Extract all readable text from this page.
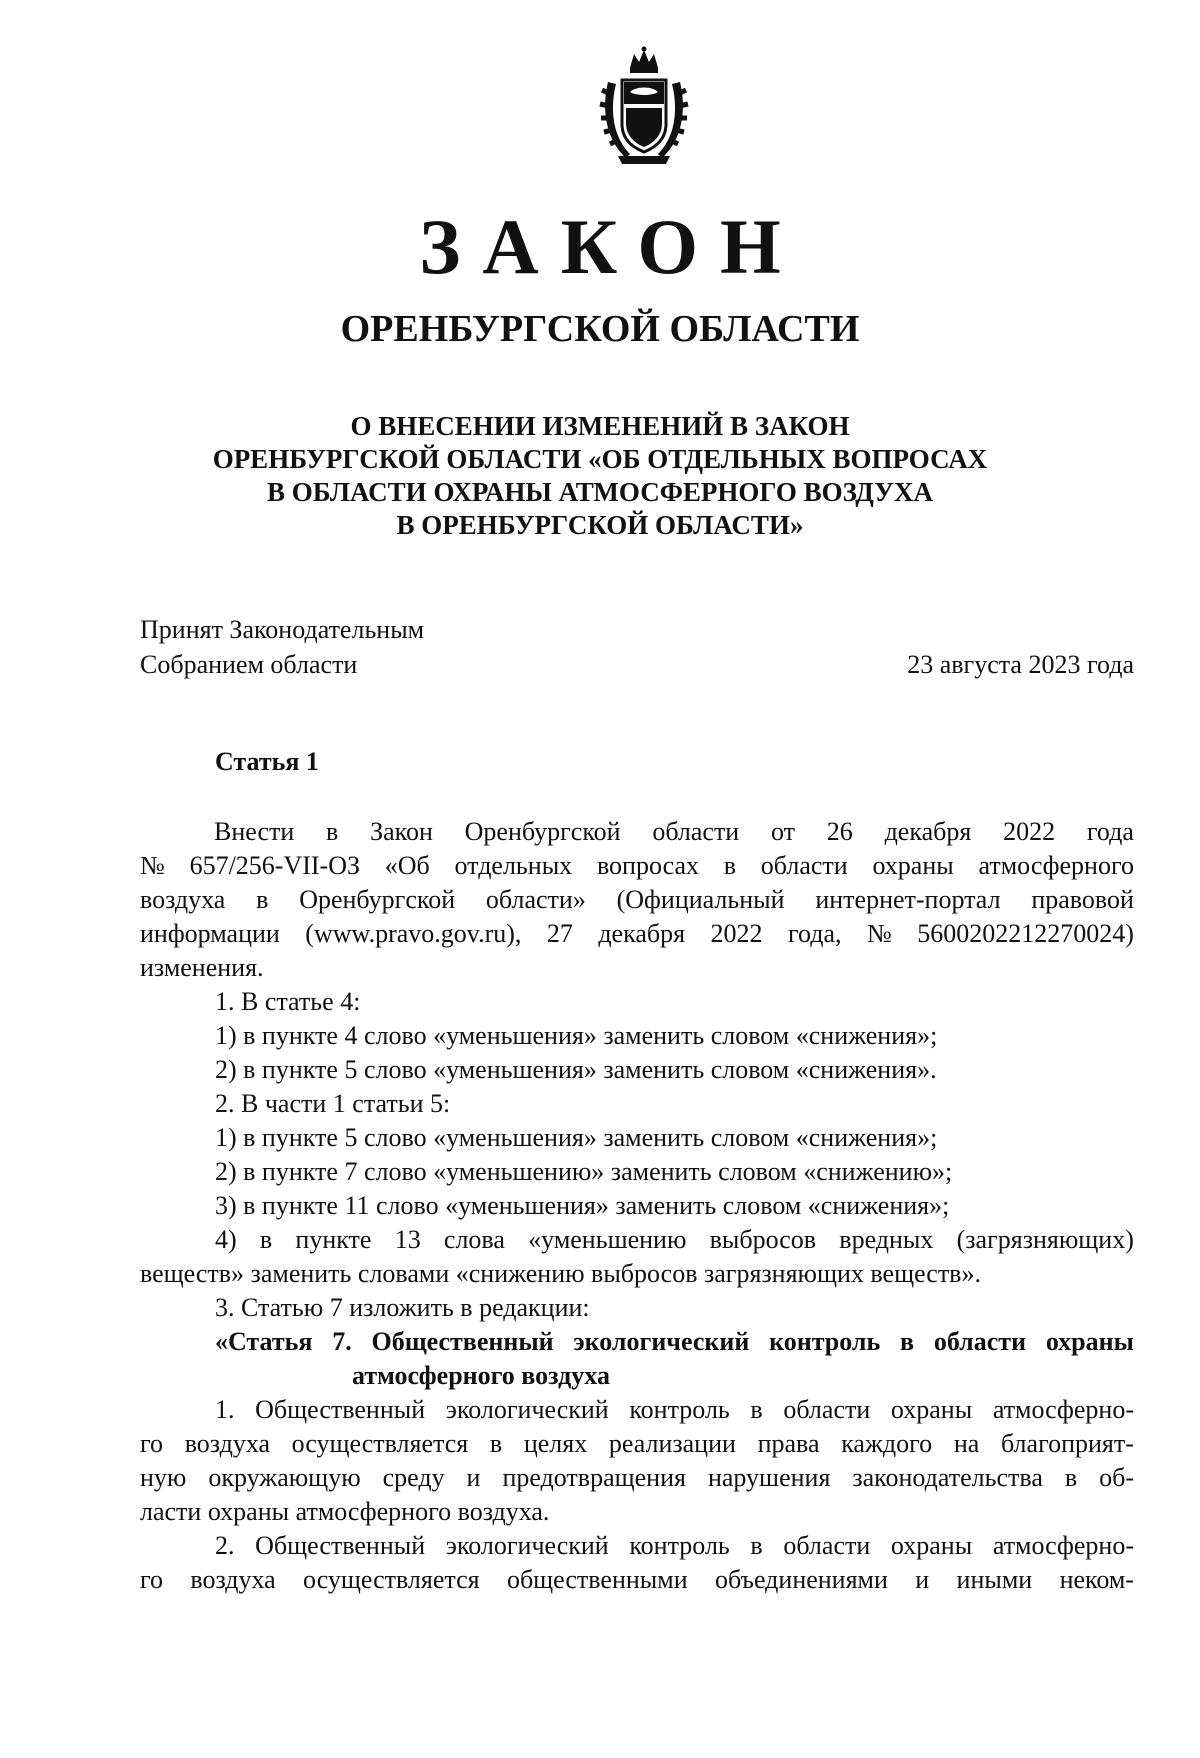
ЗАКОН
ОРЕНБУРГСКОЙ ОБЛАСТИ
О ВНЕСЕНИИ ИЗМЕНЕНИЙ В ЗАКОН
ОРЕНБУРГСКОЙ ОБЛАСТИ «ОБ ОТДЕЛЬНЫХ ВОПРОСАХ
В ОБЛАСТИ ОХРАНЫ АТМОСФЕРНОГО ВОЗДУХА
В ОРЕНБУРГСКОЙ ОБЛАСТИ»
Принят Законодательным
Собранием области	23 августа 2023 года
Статья 1
Внести в Закон Оренбургской области от 26 декабря 2022 года
№ 657/256-VII-ОЗ «Об отдельных вопросах в области охраны атмосферного
воздуха в Оренбургской области» (Официальный интернет-портал правовой
информации (www.pravo.gov.ru), 27 декабря 2022 года, № 5600202212270024)
изменения.
1. В статье 4:
1) в пункте 4 слово «уменьшения» заменить словом «снижения»;
2) в пункте 5 слово «уменьшения» заменить словом «снижения».
2. В части 1 статьи 5:
1) в пункте 5 слово «уменьшения» заменить словом «снижения»;
2) в пункте 7 слово «уменьшению» заменить словом «снижению»;
3) в пункте 11 слово «уменьшения» заменить словом «снижения»;
4) в пункте 13 слова «уменьшению выбросов вредных (загрязняющих)
веществ» заменить словами «снижению выбросов загрязняющих веществ».
3. Статью 7 изложить в редакции:
«Статья 7. Общественный экологический контроль в области охраны
атмосферного воздуха
1. Общественный экологический контроль в области охраны атмосферно-
го воздуха осуществляется в целях реализации права каждого на благоприят-
ную окружающую среду и предотвращения нарушения законодательства в об-
ласти охраны атмосферного воздуха.
2. Общественный экологический контроль в области охраны атмосферно-
го воздуха осуществляется общественными объединениями и иными неком-
